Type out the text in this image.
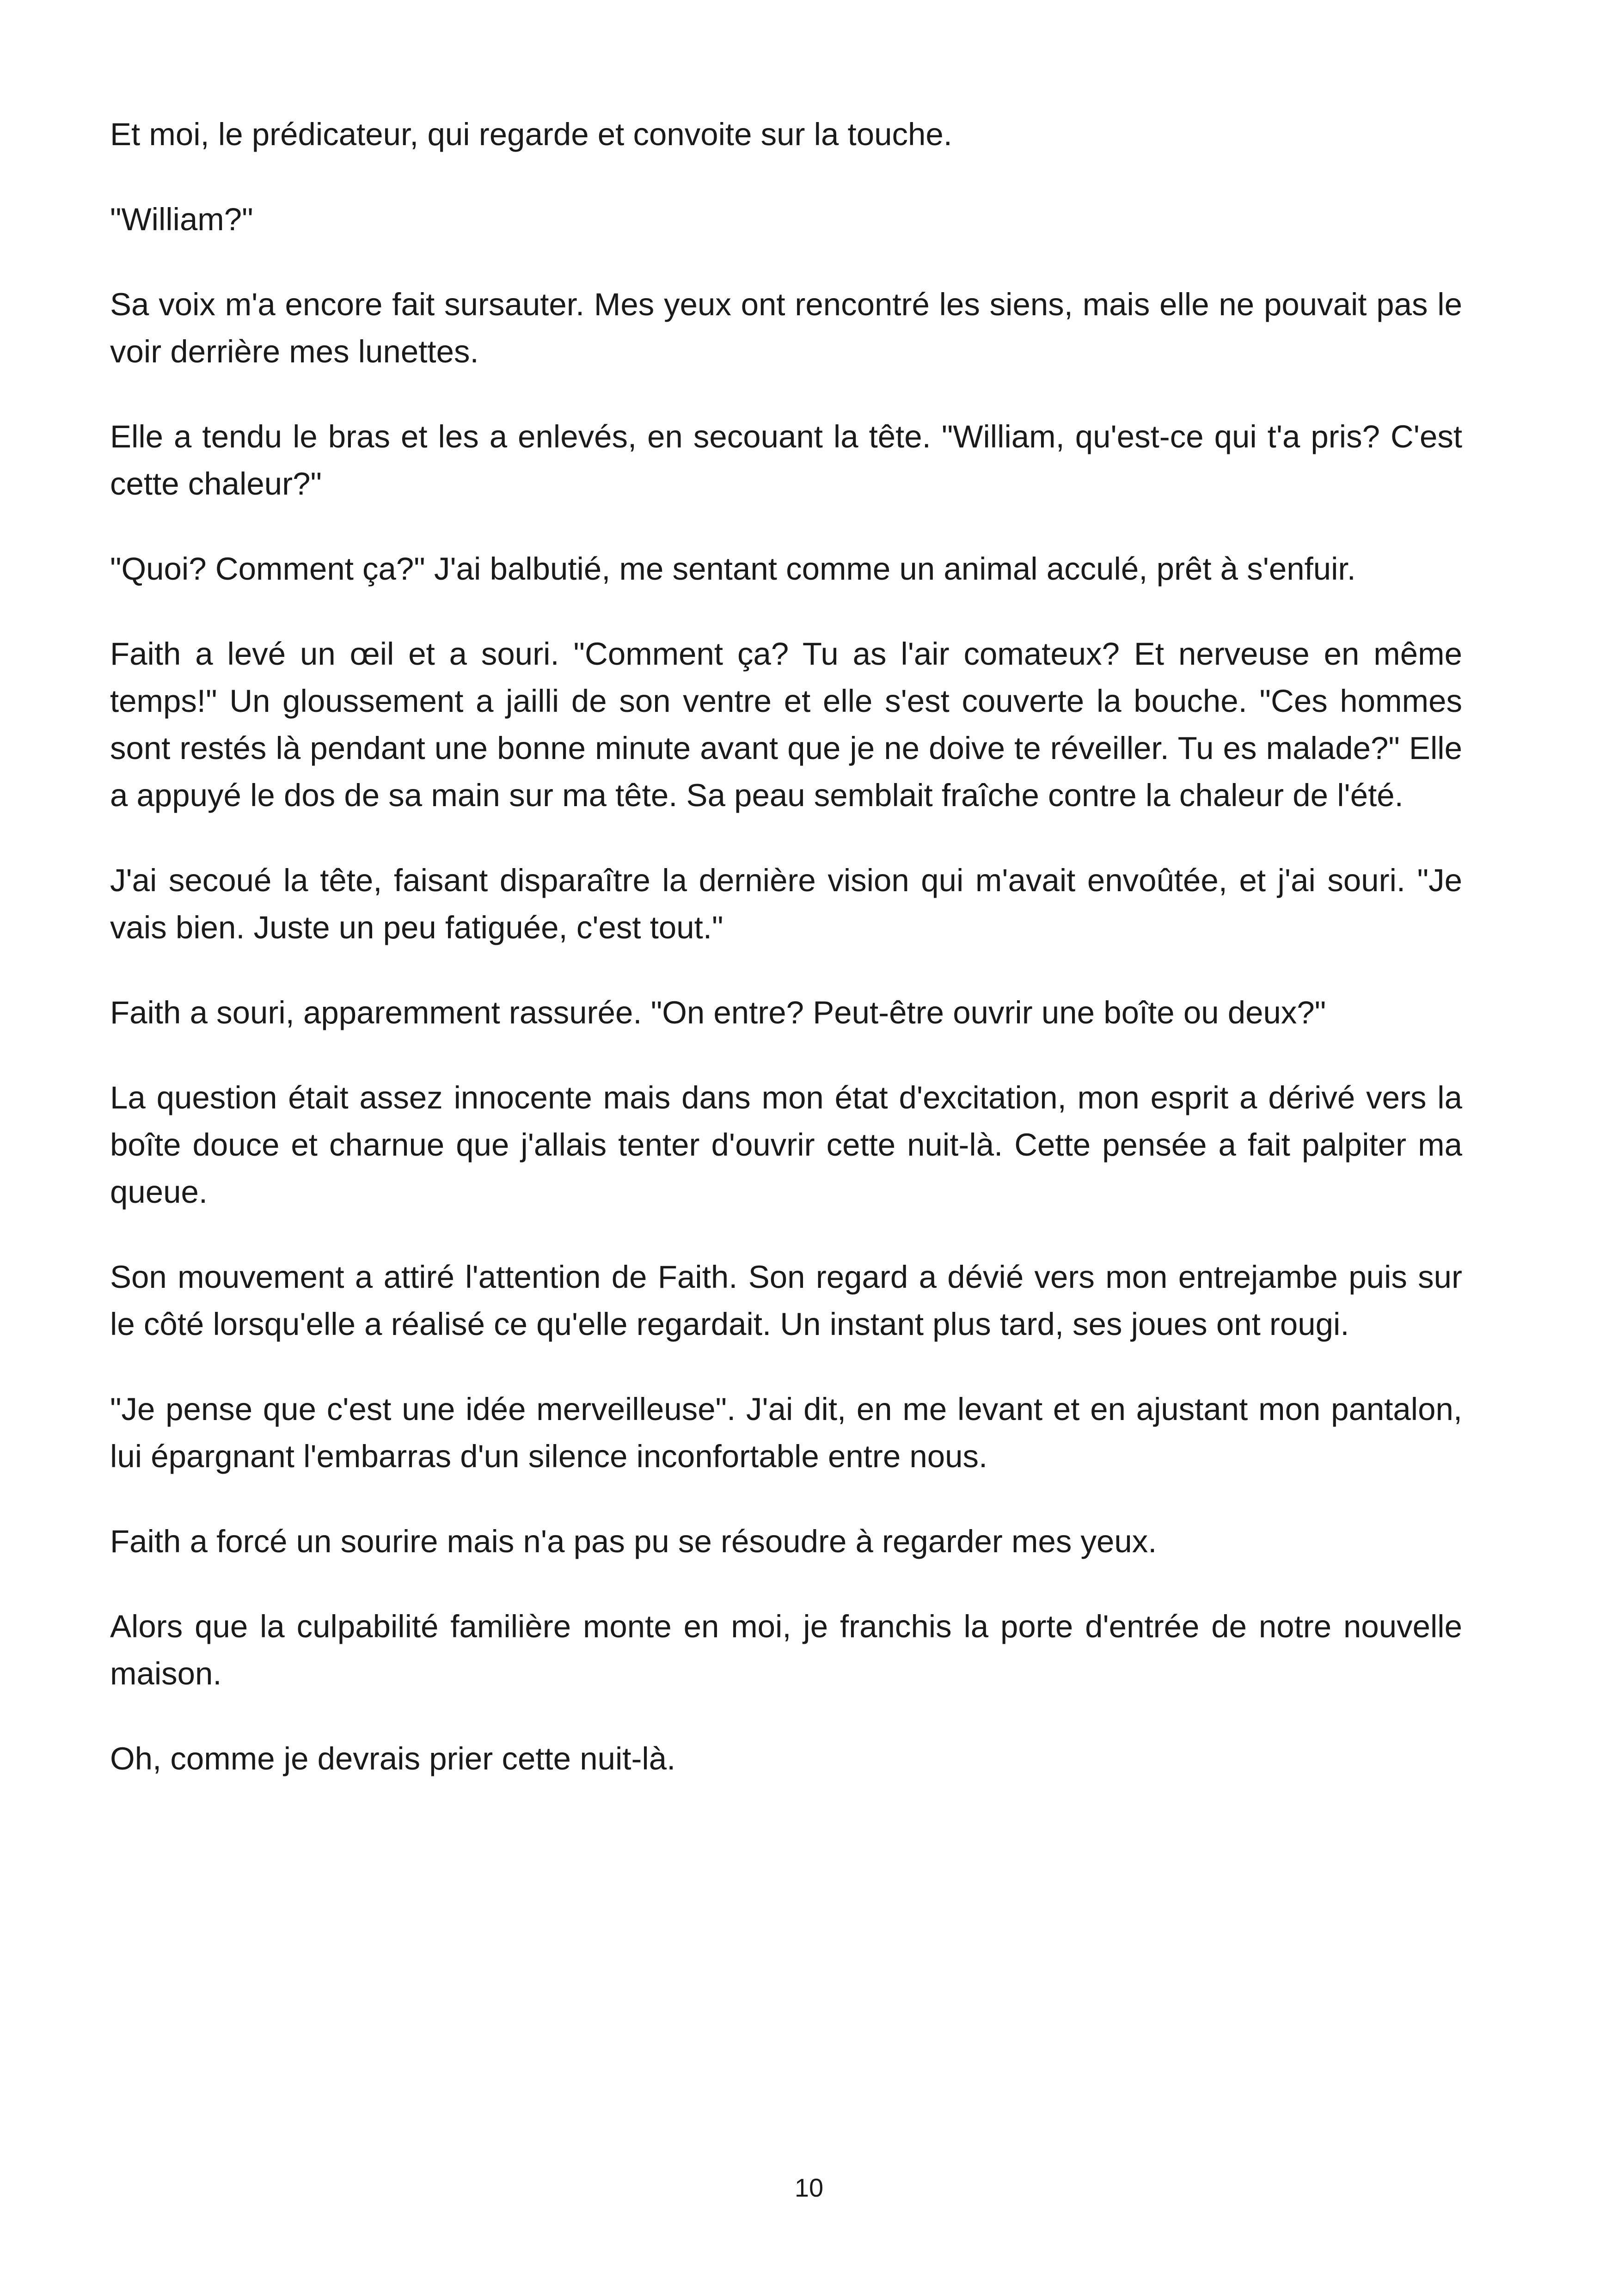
Et moi, le prédicateur, qui regarde et convoite sur la touche.

"William?"

Sa voix m'a encore fait sursauter. Mes yeux ont rencontré les siens, mais elle ne pouvait pas le voir derrière mes lunettes.

Elle a tendu le bras et les a enlevés, en secouant la tête. "William, qu'est-ce qui t'a pris? C'est cette chaleur?"

"Quoi? Comment ça?" J'ai balbutié, me sentant comme un animal acculé, prêt à s'enfuir.

Faith a levé un œil et a souri. "Comment ça? Tu as l'air comateux? Et nerveuse en même temps!" Un gloussement a jailli de son ventre et elle s'est couverte la bouche. "Ces hommes sont restés là pendant une bonne minute avant que je ne doive te réveiller. Tu es malade?" Elle a appuyé le dos de sa main sur ma tête. Sa peau semblait fraîche contre la chaleur de l'été.

J'ai secoué la tête, faisant disparaître la dernière vision qui m'avait envoûtée, et j'ai souri. "Je vais bien. Juste un peu fatiguée, c'est tout."

Faith a souri, apparemment rassurée. "On entre? Peut-être ouvrir une boîte ou deux?"

La question était assez innocente mais dans mon état d'excitation, mon esprit a dérivé vers la boîte douce et charnue que j'allais tenter d'ouvrir cette nuit-là. Cette pensée a fait palpiter ma queue.

Son mouvement a attiré l'attention de Faith. Son regard a dévié vers mon entrejambe puis sur le côté lorsqu'elle a réalisé ce qu'elle regardait. Un instant plus tard, ses joues ont rougi.

"Je pense que c'est une idée merveilleuse". J'ai dit, en me levant et en ajustant mon pantalon, lui épargnant l'embarras d'un silence inconfortable entre nous.

Faith a forcé un sourire mais n'a pas pu se résoudre à regarder mes yeux.

Alors que la culpabilité familière monte en moi, je franchis la porte d'entrée de notre nouvelle maison.

Oh, comme je devrais prier cette nuit-là.

10
